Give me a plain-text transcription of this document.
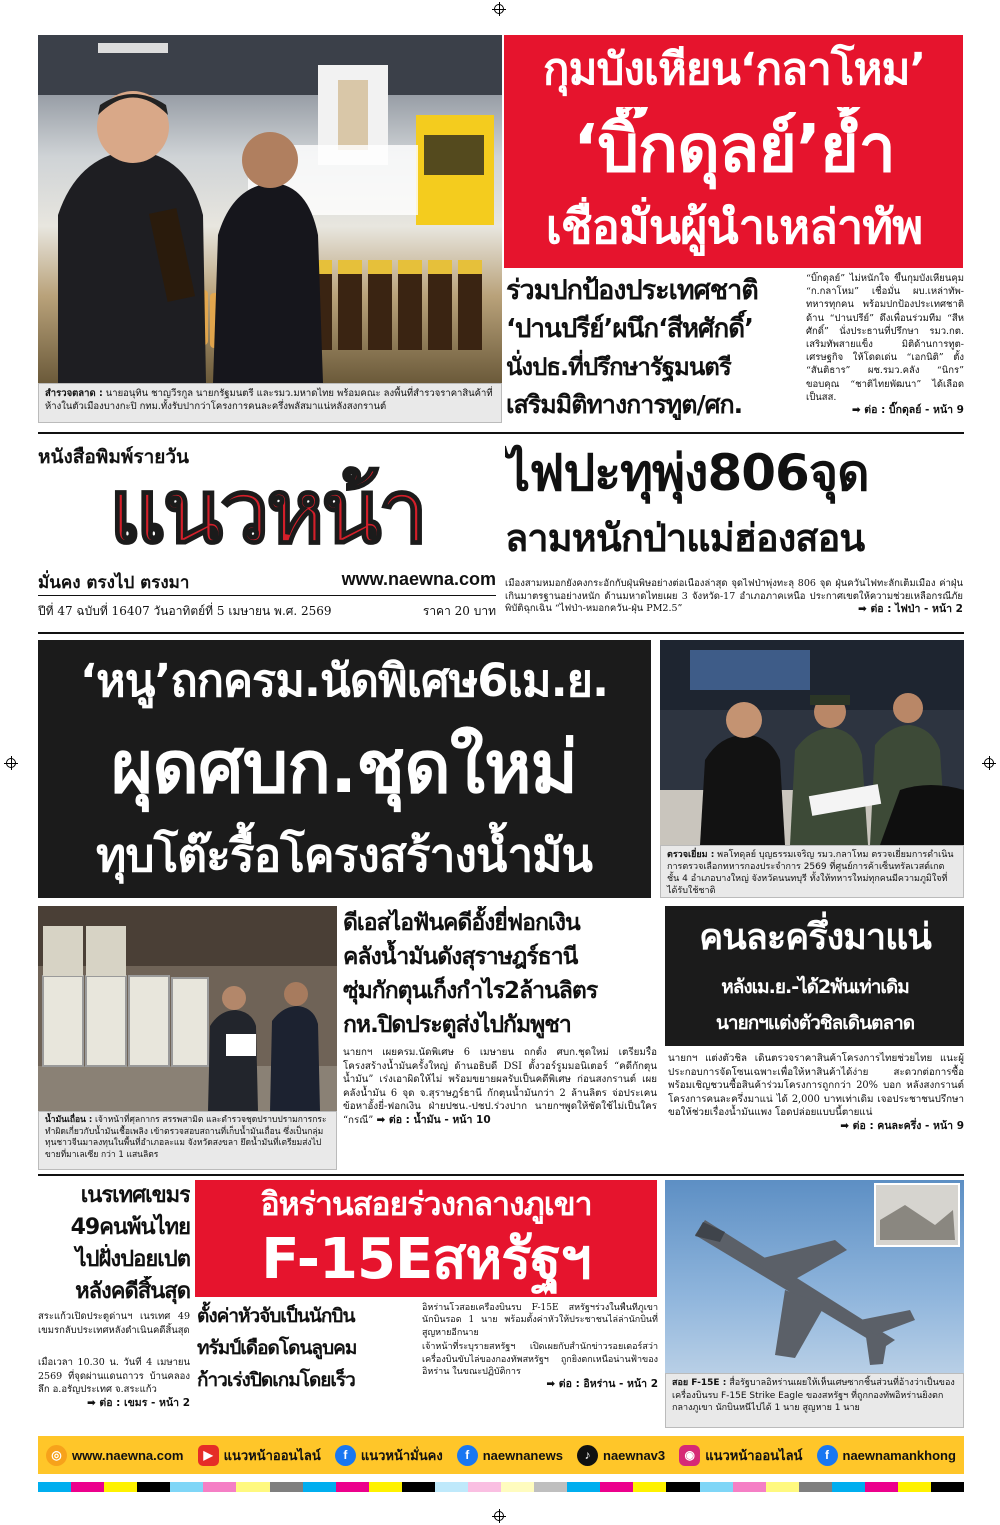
สำรวจตลาด : นายอนุทิน ชาญวีรกูล นายกรัฐมนตรี และรมว.มหาดไทย พร้อมคณะ ลงพื้นที่สำรวจราคาสินค้าที่ห้างในตัวเมืองบางกะปิ กทม.ทั้งรับปากว่าโครงการคนละครึ่งพลัสมาแน่หลังสงกรานต์
กุมบังเหียน‘กลาโหม’
‘บิ๊กดุลย์’ย้ำ
เชื่อมั่นผู้นำเหล่าทัพ
ร่วมปกป้องประเทศชาติ
‘ปานปรีย์’ผนึก‘สีหศักดิ์’
นั่งปธ.ที่ปรึกษารัฐมนตรี
เสริมมิติทางการทูต/ศก.
“บิ๊กดุลย์” ไม่หนักใจ ขึ้นกุมบังเหียนคุม “ก.กลาโหม” เชื่อมั่น ผบ.เหล่าทัพ-ทหารทุกคน พร้อมปกป้องประเทศชาติ ด้าน “ปานปรีย์” ดึงเพื่อนร่วมทีม “สีหศักดิ์” นั่งประธานที่ปรึกษา รมว.กต. เสริมทัพสายแข็ง มิติด้านการทูต-เศรษฐกิจ ให้โดดเด่น “เอกนิติ” ตั้ง “สันติธาร” ผช.รมว.คลัง “นิกร” ขอบคุณ “ชาติไทยพัฒนา” ได้เลือดเป็นสส.
➡ ต่อ : บิ๊กดุลย์ - หน้า 9
หนังสือพิมพ์รายวัน
แนวหน้า
มั่นคง ตรงไป ตรงมา	www.naewna.com
ปีที่ 47 ฉบับที่ 16407 วันอาทิตย์ที่ 5 เมษายน พ.ศ. 2569	ราคา 20 บาท
ไฟปะทุพุ่ง806จุด
ลามหนักป่าแม่ฮ่องสอน
เมืองสามหมอกยังคงกระอักกับฝุ่นพิษอย่างต่อเนื่องล่าสุด จุดไฟป่าพุ่งทะลุ 806 จุด ฝุ่นควันไฟทะลักเต็มเมือง ค่าฝุ่นเกินมาตรฐานอย่างหนัก ด้านมหาดไทยเผย 3 จังหวัด-17 อำเภอภาคเหนือ ประกาศเขตให้ความช่วยเหลือกรณีภัยพิบัติฉุกเฉิน “ไฟป่า-หมอกควัน-ฝุ่น PM2.5”	➡ ต่อ : ไฟป่า - หน้า 2
‘หนู’ถกครม.นัดพิเศษ6เม.ย.
ผุดศบก.ชุดใหม่
ทุบโต๊ะรื้อโครงสร้างน้ำมัน	ตรวจเยี่ยม : พลโทดุลย์ บุญธรรมเจริญ รมว.กลาโหม ตรวจเยี่ยมการดำเนินการตรวจเลือกทหารกองประจำการ 2569 ที่ศูนย์การค้าเซ็นทรัลเวสต์เกต ชั้น 4 อำเภอบางใหญ่ จังหวัดนนทบุรี ทั้งให้ทหารใหม่ทุกคนมีความภูมิใจที่ได้รับใช้ชาติ
น้ำมันเถื่อน : เจ้าหน้าที่ศุลกากร สรรพสามิต และตำรวจชุดปราบปรามการกระทำผิดเกี่ยวกับน้ำมันเชื้อเพลิง เข้าตรวจสอบสถานที่เก็บน้ำมันเถื่อน ซึ่งเป็นกลุ่มทุนชาวจีนมาลงทุนในพื้นที่อำเภอละแม จังหวัดสงขลา ยึดน้ำมันที่เตรียมส่งไปขายที่มาเลเซีย กว่า 1 แสนลิตร
ดีเอสไอฟันคดีอั้งยี่ฟอกเงิน
คลังน้ำมันดังสุราษฎร์ธานี
ซุ่มกักตุนเก็งกำไร2ล้านลิตร
กห.ปิดประตูส่งไปกัมพูชา
นายกฯ เผยครม.นัดพิเศษ 6 เมษายน ถกตั้ง ศบก.ชุดใหม่ เตรียมรื้อโครงสร้างน้ำมันครั้งใหญ่ ด้านอธิบดี DSI ตั้งวอร์รูมมอนิเตอร์ “คดีกักตุนน้ำมัน” เร่งเอาผิดให้ไม่ พร้อมขยายผลรับเป็นคดีพิเศษ ก่อนสงกรานต์ เผยคลังน้ำมัน 6 จุด จ.สุราษฎร์ธานี กักตุนน้ำมันกว่า 2 ล้านลิตร จ่อประเคนข้อหาอั้งยี่-ฟอกเงิน ฝ่ายปชน.-ปชป.ร่วงปาก นายกฯพูดให้ชัดใช้ไม่เป็นใคร “กรณี” ➡ ต่อ : น้ำมัน - หน้า 10
คนละครึ่งมาแน่
หลังเม.ย.-ได้2พันเท่าเดิม
นายกฯแต่งตัวชิลเดินตลาด
นายกฯ แต่งตัวชิล เดินตรวจราคาสินค้าโครงการไทยช่วยไทย แนะผู้ประกอบการจัดโซนเฉพาะเพื่อให้หาสินค้าได้ง่าย สะดวกต่อการซื้อ พร้อมเชิญชวนซื้อสินค้าร่วมโครงการถูกกว่า 20% บอก หลังสงกรานต์โครงการคนละครึ่งมาแน่ ได้ 2,000 บาทเท่าเดิม เจอประชาชนปรึกษาขอให้ช่วยเรื่องน้ำมันแพง โอดปล่อยแบบนี้ตายแน่
➡ ต่อ : คนละครึ่ง - หน้า 9
เนรเทศเขมร
49คนพ้นไทย
ไปฝั่งปอยเปต
หลังคดีสิ้นสุด
สระแก้วเปิดประตูด่านฯ เนรเทศ 49 เขมรกลับประเทศหลังดำเนินคดีสิ้นสุด
เมื่อเวลา 10.30 น. วันที่ 4 เมษายน 2569 ที่จุดผ่านแดนถาวร บ้านคลองลึก อ.อรัญประเทศ จ.สระแก้ว
➡ ต่อ : เขมร - หน้า 2
อิหร่านสอยร่วงกลางภูเขา
F-15Eสหรัฐฯ
ตั้งค่าหัวจับเป็นนักบิน
ทรัมป์เดือดโดนลูบคม
ก้าวเร่งปิดเกมโดยเร็ว
อิหร่านโวสอยเครื่องบินรบ F-15E สหรัฐฯร่วงในพื้นที่ภูเขา นักบินรอด 1 นาย พร้อมตั้งค่าหัวให้ประชาชนไล่ล่านักบินที่สูญหายอีกนาย
เจ้าหน้าที่ระบุรายสหรัฐฯ เปิดเผยกับสำนักข่าวรอยเตอร์สว่า เครื่องบินขับไล่ของกองทัพสหรัฐฯ ถูกยิงตกเหนือน่านฟ้าของอิหร่าน ในขณะปฏิบัติการ
➡ ต่อ : อิหร่าน - หน้า 2	สอย F-15E : สื่อรัฐบาลอิหร่านเผยให้เห็นเศษซากชิ้นส่วนที่อ้างว่าเป็นของเครื่องบินรบ F-15E Strike Eagle ของสหรัฐฯ ที่ถูกกองทัพอิหร่านยิงตกกลางภูเขา นักบินหนีไปได้ 1 นาย สูญหาย 1 นาย
◎ www.naewna.com	▶ แนวหน้าออนไลน์	f	แนวหน้ามั่นคง	f	naewnanews	♪ naewnav3	◉ แนวหน้าออนไลน์	f	naewnamankhong
